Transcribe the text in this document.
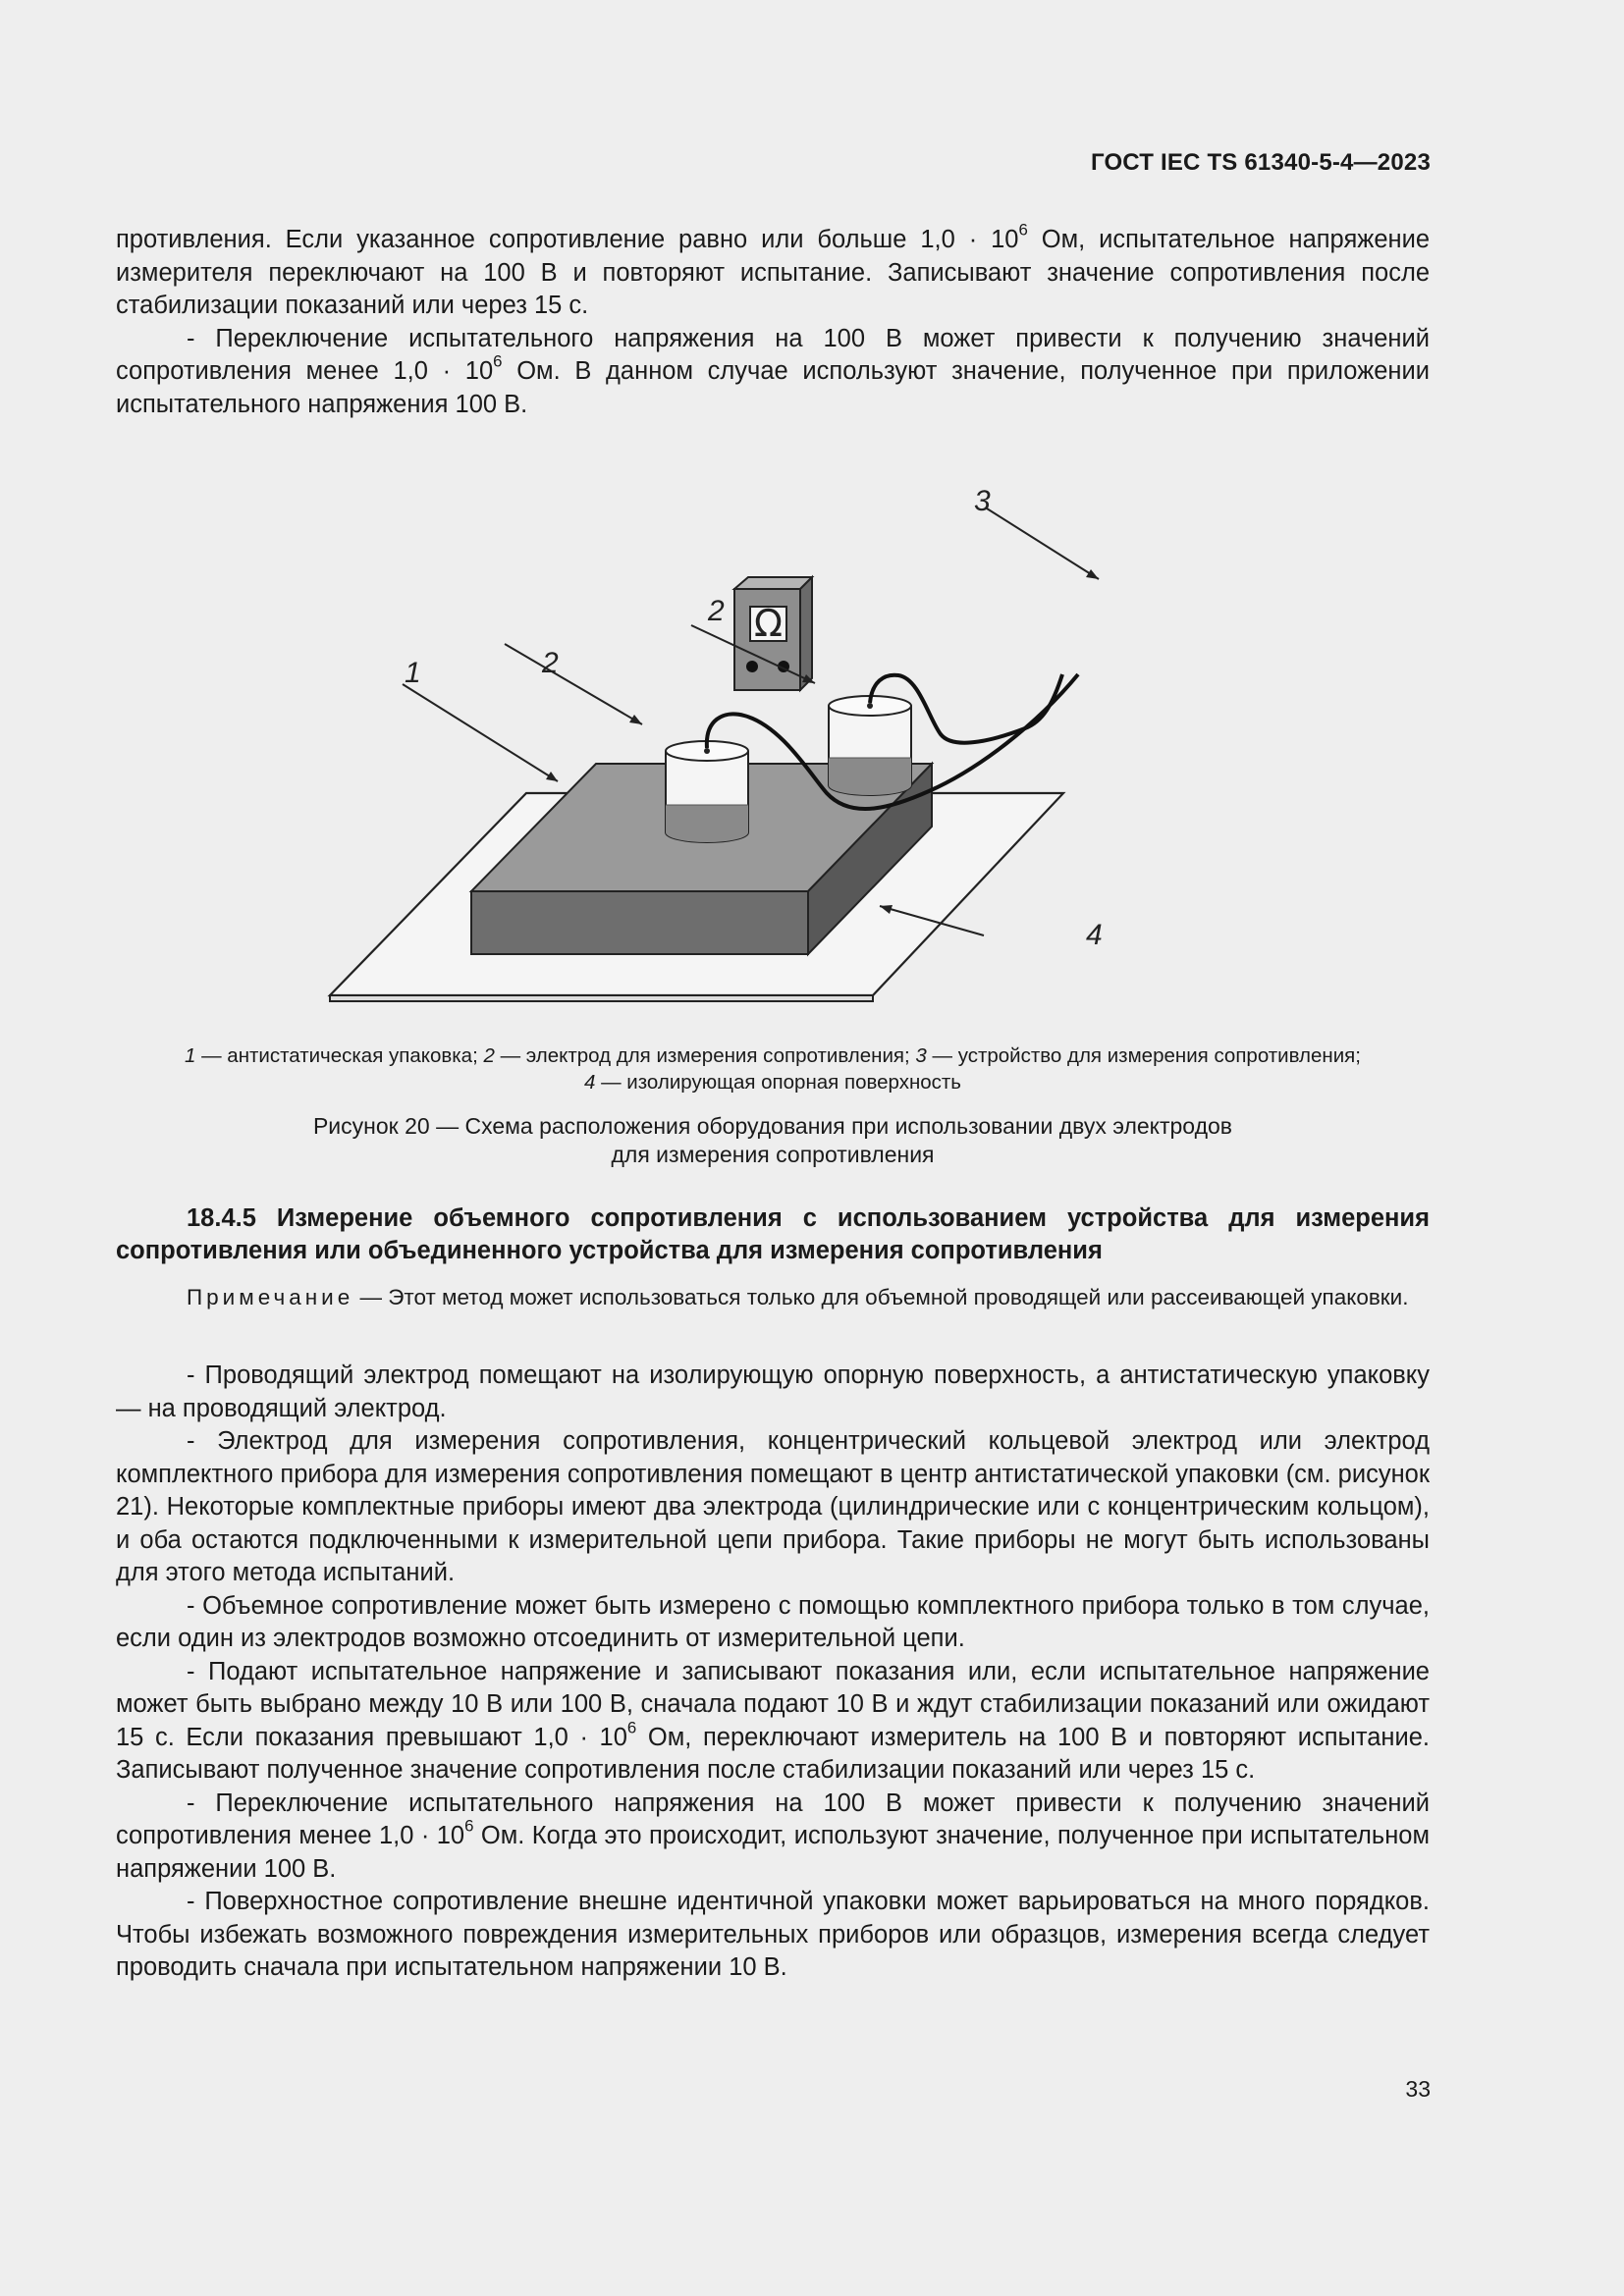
ГОСТ IEC TS 61340-5-4—2023

противления. Если указанное сопротивление равно или больше $1,0 \cdot 10^6$ Ом, испытательное напряжение измерителя переключают на 100 В и повторяют испытание. Записывают значение сопротивления после стабилизации показаний или через 15 с.

- Переключение испытательного напряжения на 100 В может привести к получению значений сопротивления менее $1,0 \cdot 10^6$ Ом. В данном случае используют значение, полученное при приложении испытательного напряжения 100 В.

Ω
1	2
2
3
4
1 — антистатическая упаковка; 2 — электрод для измерения сопротивления; 3 — устройство для измерения сопротивления;
4 — изолирующая опорная поверхность
Рисунок 20 — Схема расположения оборудования при использовании двух электродов
для измерения сопротивления
18.4.5 Измерение объемного сопротивления с использованием устройства для измерения сопротивления или объединенного устройства для измерения сопротивления
Примечание — Этот метод может использоваться только для объемной проводящей или рассеивающей упаковки.

- Проводящий электрод помещают на изолирующую опорную поверхность, а антистатическую упаковку — на проводящий электрод.

- Электрод для измерения сопротивления, концентрический кольцевой электрод или электрод комплектного прибора для измерения сопротивления помещают в центр антистатической упаковки (см. рисунок 21). Некоторые комплектные приборы имеют два электрода (цилиндрические или с концентрическим кольцом), и оба остаются подключенными к измерительной цепи прибора. Такие приборы не могут быть использованы для этого метода испытаний.

- Объемное сопротивление может быть измерено с помощью комплектного прибора только в том случае, если один из электродов возможно отсоединить от измерительной цепи.

- Подают испытательное напряжение и записывают показания или, если испытательное напряжение может быть выбрано между 10 В или 100 В, сначала подают 10 В и ждут стабилизации показаний или ожидают 15 с. Если показания превышают $1,0 \cdot 10^6$ Ом, переключают измеритель на 100 В и повторяют испытание. Записывают полученное значение сопротивления после стабилизации показаний или через 15 с.

- Переключение испытательного напряжения на 100 В может привести к получению значений сопротивления менее $1,0 \cdot 10^6$ Ом. Когда это происходит, используют значение, полученное при испытательном напряжении 100 В.

- Поверхностное сопротивление внешне идентичной упаковки может варьироваться на много порядков. Чтобы избежать возможного повреждения измерительных приборов или образцов, измерения всегда следует проводить сначала при испытательном напряжении 10 В.

33
